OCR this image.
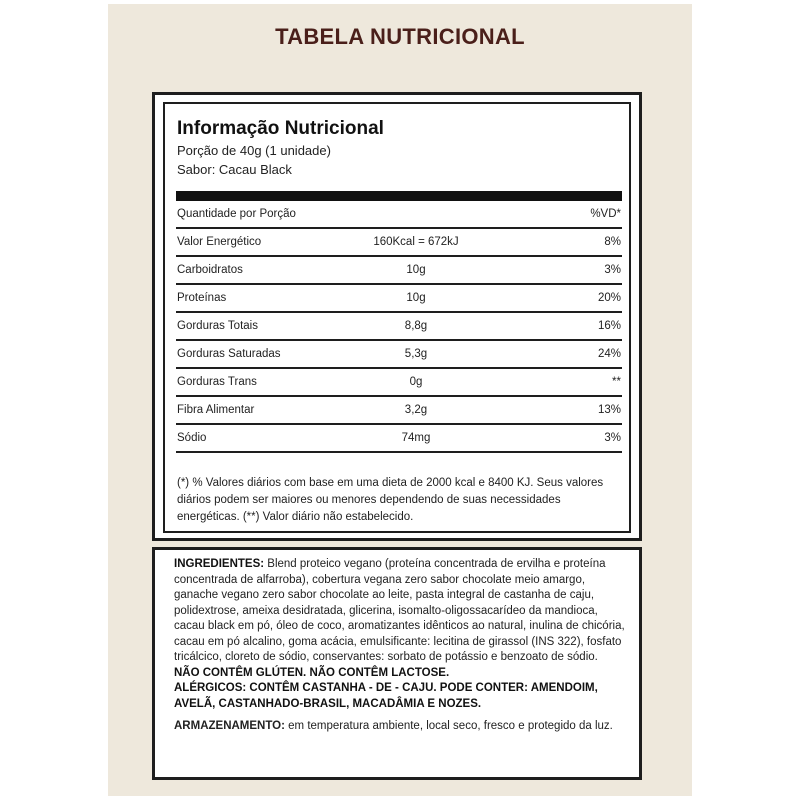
TABELA NUTRICIONAL
Informação Nutricional
Porção de 40g (1 unidade)
Sabor: Cacau Black
Quantidade por Porção	%VD*
Valor Energético	160Kcal = 672kJ	8%
Carboidratos	10g	3%
Proteínas	10g	20%
Gorduras Totais	8,8g	16%
Gorduras Saturadas	5,3g	24%
Gorduras Trans	0g	**
Fibra Alimentar	3,2g	13%
Sódio	74mg	3%
(*) % Valores diários com base em uma dieta de 2000 kcal e 8400 KJ. Seus valores diários podem ser maiores ou menores dependendo de suas necessidades energéticas. (**) Valor diário não estabelecido.
INGREDIENTES: Blend proteico vegano (proteína concentrada de ervilha e proteína concentrada de alfarroba), cobertura vegana zero sabor chocolate meio amargo, ganache vegano zero sabor chocolate ao leite, pasta integral de castanha de caju, polidextrose, ameixa desidratada, glicerina, isomalto-oligossacarídeo da mandioca, cacau black em pó, óleo de coco, aromatizantes idênticos ao natural, inulina de chicória, cacau em pó alcalino, goma acácia, emulsificante: lecitina de girassol (INS 322), fosfato tricálcico, cloreto de sódio, conservantes: sorbato de potássio e benzoato de sódio. NÃO CONTÊM GLÚTEN. NÃO CONTÊM LACTOSE.
ALÉRGICOS: CONTÊM CASTANHA - DE - CAJU. PODE CONTER: AMENDOIM, AVELÃ, CASTANHADO-BRASIL, MACADÂMIA E NOZES.
ARMAZENAMENTO: em temperatura ambiente, local seco, fresco e protegido da luz.
